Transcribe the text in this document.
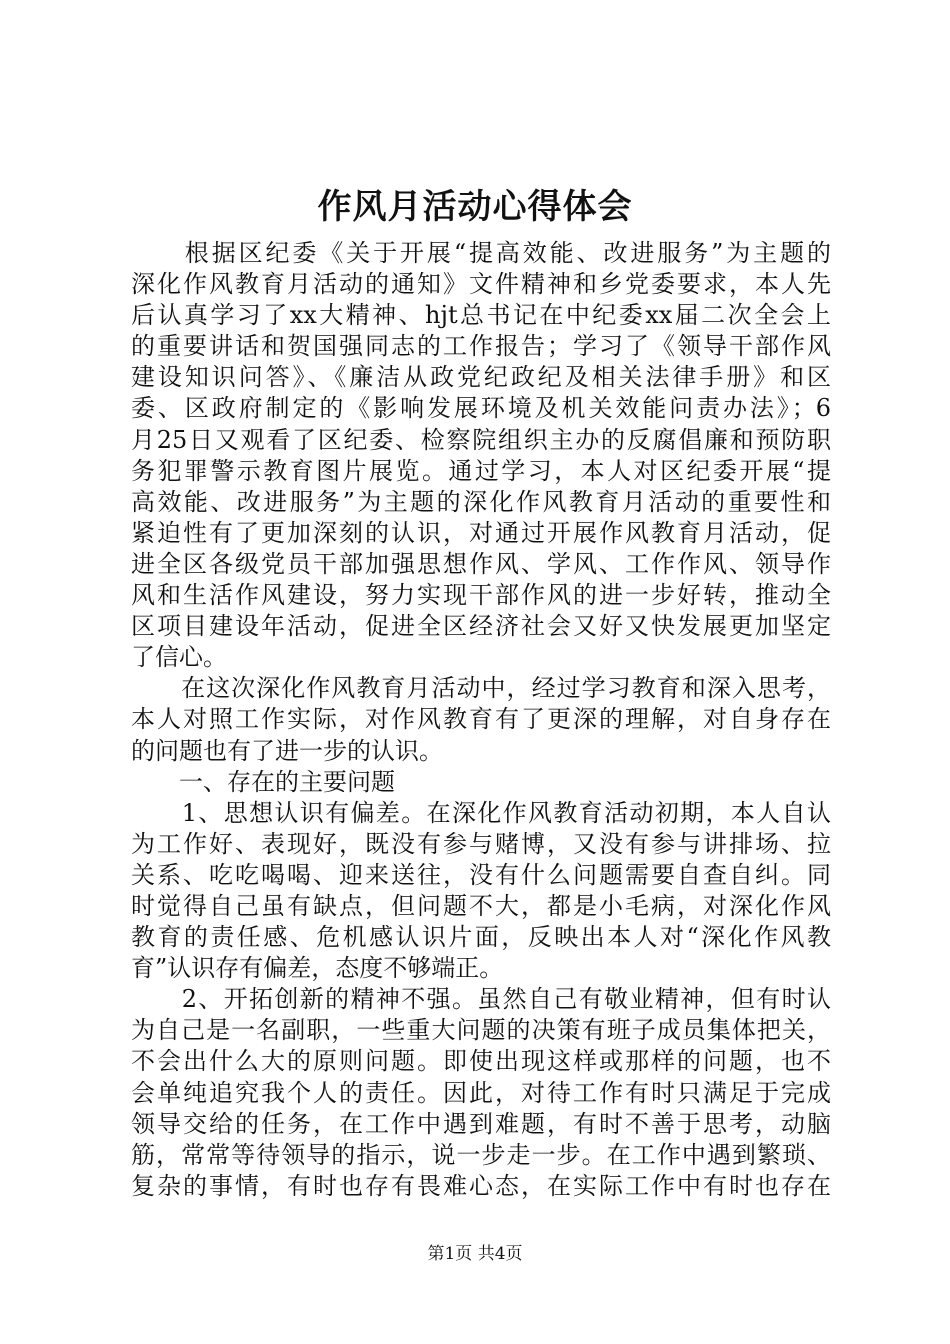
作风月活动心得体会
　　根据区纪委《关于开展“提高效能、改进服务”为主题的
深化作风教育月活动的通知》文件精神和乡党委要求，本人先
后认真学习了xx大精神、hjt总书记在中纪委xx届二次全会上
的重要讲话和贺国强同志的工作报告；学习了《领导干部作风
建设知识问答》、《廉洁从政党纪政纪及相关法律手册》和区
委、区政府制定的《影响发展环境及机关效能问责办法》；6
月25日又观看了区纪委、检察院组织主办的反腐倡廉和预防职
务犯罪警示教育图片展览。通过学习，本人对区纪委开展“提
高效能、改进服务”为主题的深化作风教育月活动的重要性和
紧迫性有了更加深刻的认识，对通过开展作风教育月活动，促
进全区各级党员干部加强思想作风、学风、工作作风、领导作
风和生活作风建设，努力实现干部作风的进一步好转，推动全
区项目建设年活动，促进全区经济社会又好又快发展更加坚定
了信心。
　　在这次深化作风教育月活动中，经过学习教育和深入思考，
本人对照工作实际，对作风教育有了更深的理解，对自身存在
的问题也有了进一步的认识。
　　一、存在的主要问题
　　1、思想认识有偏差。在深化作风教育活动初期，本人自认
为工作好、表现好，既没有参与赌博，又没有参与讲排场、拉
关系、吃吃喝喝、迎来送往，没有什么问题需要自查自纠。同
时觉得自己虽有缺点，但问题不大，都是小毛病，对深化作风
教育的责任感、危机感认识片面，反映出本人对“深化作风教
育”认识存有偏差，态度不够端正。
　　2、开拓创新的精神不强。虽然自己有敬业精神，但有时认
为自己是一名副职，一些重大问题的决策有班子成员集体把关，
不会出什么大的原则问题。即使出现这样或那样的问题，也不
会单纯追究我个人的责任。因此，对待工作有时只满足于完成
领导交给的任务，在工作中遇到难题，有时不善于思考，动脑
筋，常常等待领导的指示，说一步走一步。在工作中遇到繁琐、
复杂的事情，有时也存有畏难心态，在实际工作中有时也存在
第1页 共4页
